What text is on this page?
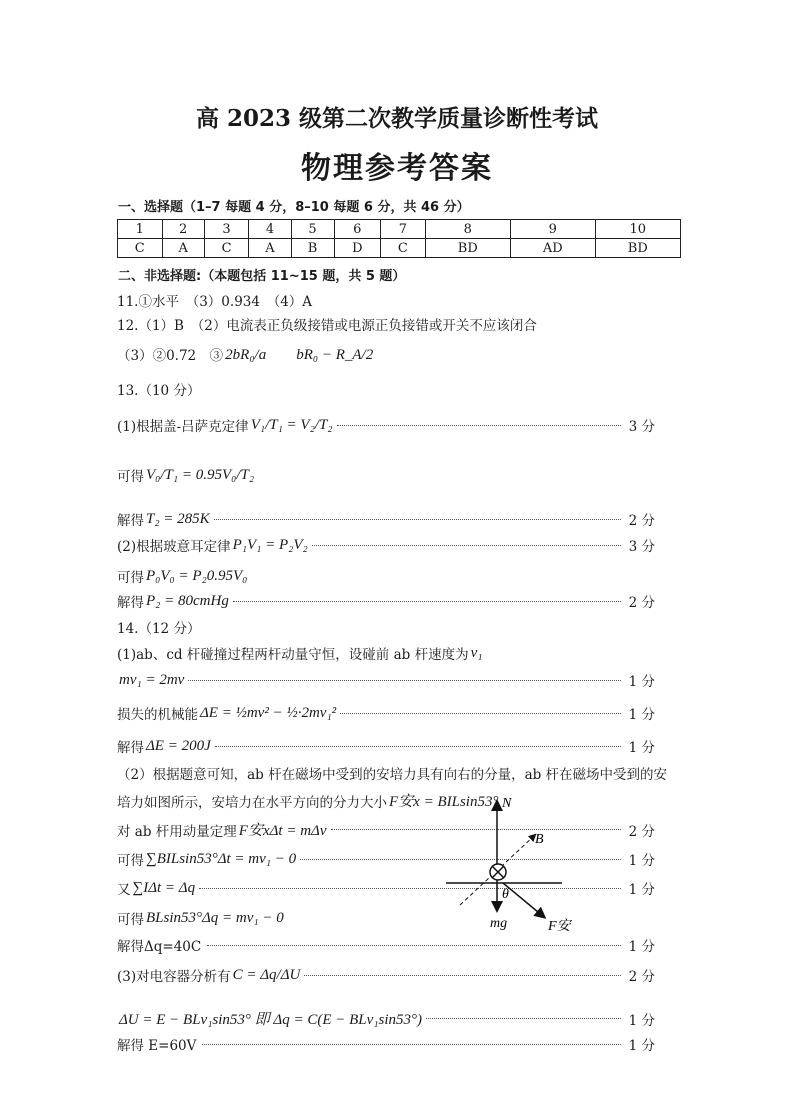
高 2023 级第二次教学质量诊断性考试
物理参考答案
一、选择题（1–7 每题 4 分，8–10 每题 6 分，共 46 分）
1	2	3	4	5	6	7	8	9	10
C	A	C	A	B	D	C	BD	AD	BD
二、非选择题:（本题包括 11~15 题，共 5 题）
11.①水平　（3）0.934　（4）A
12.（1）B　（2）电流表正负级接错或电源正负接错或开关不应该闭合
（3）②0.72　③ 2bR₀/a　　bR₀ − R_A/2
13.（10 分）
(1)根据盖-吕萨克定律 V₁/T₁ = V₂/T₂	3 分
可得 V₀/T₁ = 0.95V₀/T₂
解得 T₂ = 285K	2 分
(2)根据玻意耳定律 P₁V₁ = P₂V₂	3 分
可得 P₀V₀ = P₂0.95V₀
解得 P₂ = 80cmHg	2 分
14.（12 分）
(1)ab、cd 杆碰撞过程两杆动量守恒，设碰前 ab 杆速度为 v₁
mv₁ = 2mv	1 分
损失的机械能 ΔE = ½mv² − ½·2mv₁²	1 分
解得 ΔE = 200J	1 分
（2）根据题意可知，ab 杆在磁场中受到的安培力具有向右的分量，ab 杆在磁场中受到的安
培力如图所示，安培力在水平方向的分力大小 F安x = BILsin53°
对 ab 杆用动量定理 F安xΔt = mΔv	2 分
可得 ∑BILsin53°Δt = mv₁ − 0	1 分
又 ∑IΔt = Δq	1 分
可得 BLsin53°Δq = mv₁ − 0
解得Δq=40C	1 分
(3)对电容器分析有 C = Δq/ΔU	2 分
ΔU = E − BLv₁sin53° 即 Δq = C(E − BLv₁sin53°)	1 分
解得 E=60V	1 分
N
B
θ
mg	F安
